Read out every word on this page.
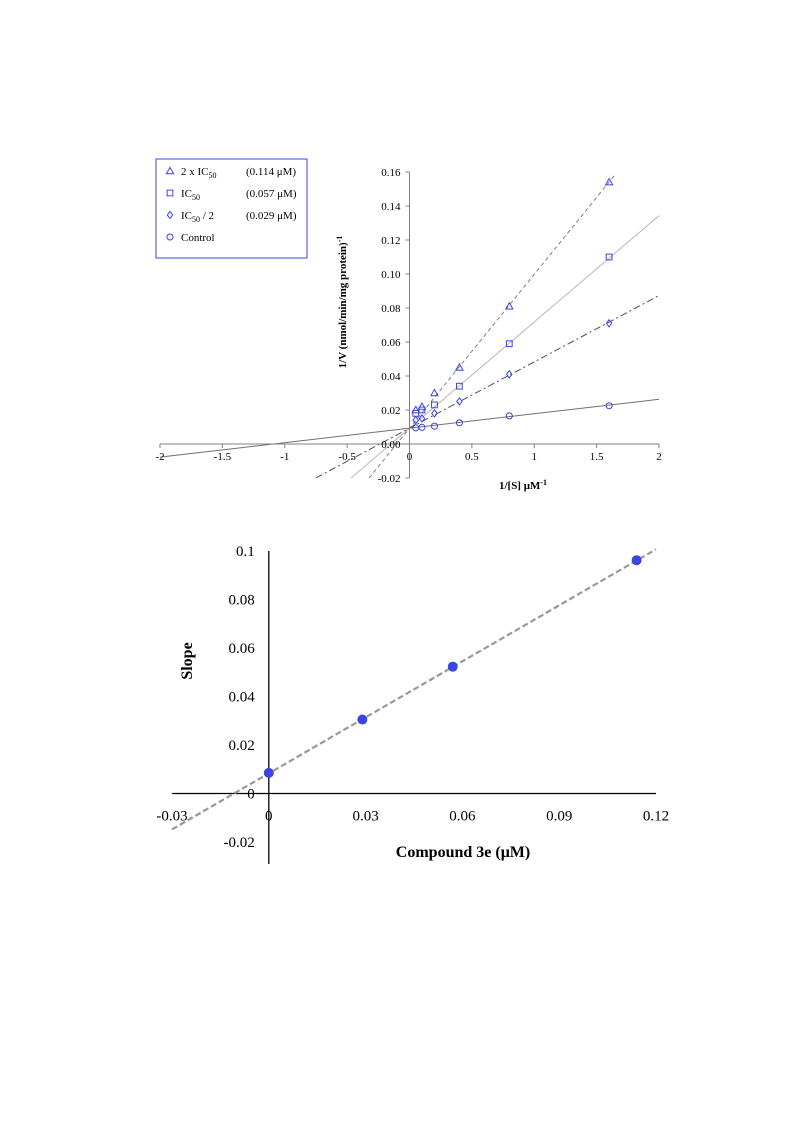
-2	-1.5	-1	-0.5	0	0.5	1	1.5	2
-0.02
0.00
0.02
0.04
0.06
0.08
0.10
0.12
0.14
0.16
1/[S] $\mu M^{-1}$
1/V (nmol/min/mg protein)$^{-1}$
2 x $IC_{50}$	(0.114 μM)
$IC_{50}$	(0.057 μM)
$IC_{50} / 2$	(0.029 μM)
Control
-0.03	0	0.03	0.06	0.09	0.12
-0.02
0
0.02
0.04
0.06
0.08
0.1
Compound 3e (μM)
Slope
